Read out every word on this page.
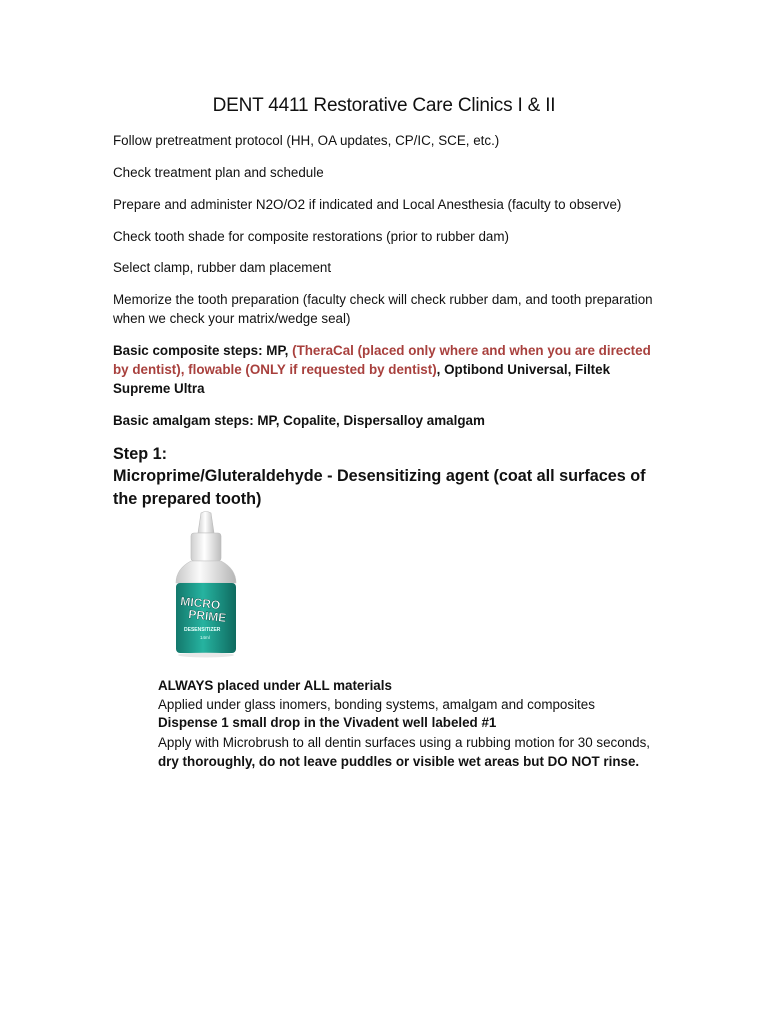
DENT 4411 Restorative Care Clinics I & II
Follow pretreatment protocol (HH, OA updates, CP/IC, SCE, etc.)
Check treatment plan and schedule
Prepare and administer N2O/O2 if indicated and Local Anesthesia (faculty to observe)
Check tooth shade for composite restorations (prior to rubber dam)
Select clamp, rubber dam placement
Memorize the tooth preparation (faculty check will check rubber dam, and tooth preparation when we check your matrix/wedge seal)
Basic composite steps: MP, (TheraCal (placed only where and when you are directed by dentist), flowable (ONLY if requested by dentist), Optibond Universal, Filtek Supreme Ultra
Basic amalgam steps: MP, Copalite, Dispersalloy amalgam
Step 1:
Microprime/Gluteraldehyde - Desensitizing agent (coat all surfaces of the prepared tooth)
MICRO
PRIME
DESENSITIZER
14ml
ALWAYS placed under ALL materials
Applied under glass inomers, bonding systems, amalgam and composites
Dispense 1 small drop in the Vivadent well labeled #1
Apply with Microbrush to all dentin surfaces using a rubbing motion for 30 seconds, dry thoroughly, do not leave puddles or visible wet areas but DO NOT rinse.
